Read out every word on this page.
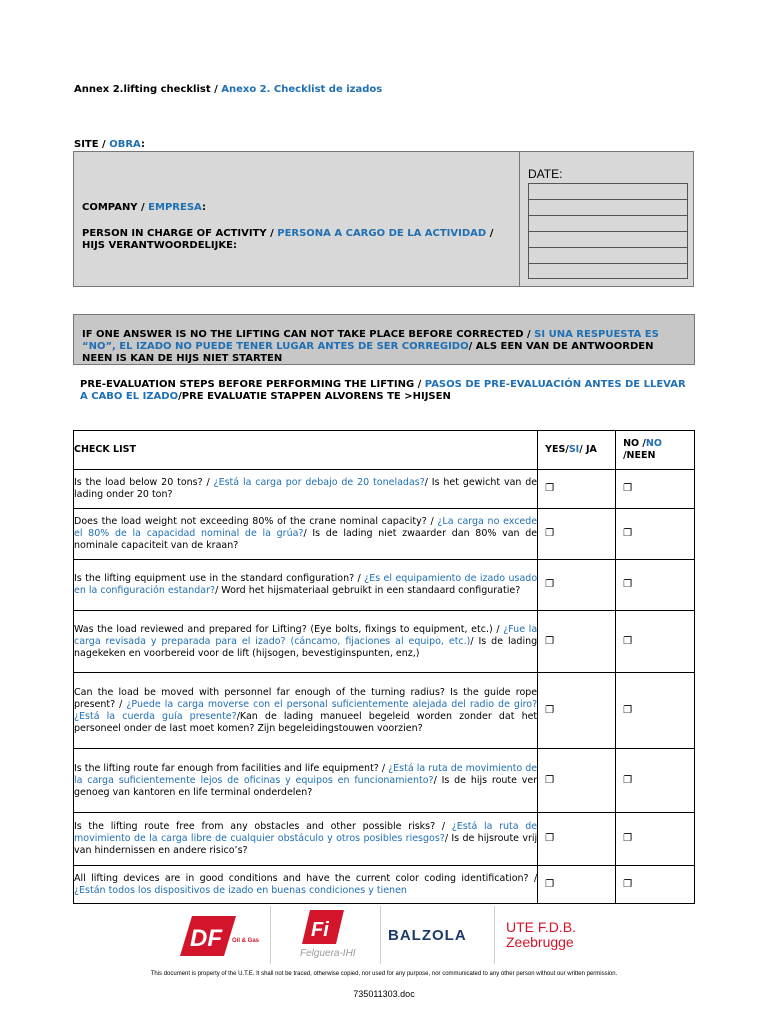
Annex 2.lifting checklist / Anexo 2. Checklist de izados
SITE / OBRA:
COMPANY / EMPRESA:
PERSON IN CHARGE OF ACTIVITY / PERSONA A CARGO DE LA ACTIVIDAD / HIJS VERANTWOORDELIJKE:
DATE:
IF ONE ANSWER IS NO THE LIFTING CAN NOT TAKE PLACE BEFORE CORRECTED / SI UNA RESPUESTA ES “NO”, EL IZADO NO PUEDE TENER LUGAR ANTES DE SER CORREGIDO/ ALS EEN VAN DE ANTWOORDEN NEEN IS KAN DE HIJS NIET STARTEN
PRE-EVALUATION STEPS BEFORE PERFORMING THE LIFTING / PASOS DE PRE-EVALUACIÓN ANTES DE LLEVAR A CABO EL IZADO/PRE EVALUATIE STAPPEN ALVORENS TE >HIJSEN
CHECK LIST	YES/SI/ JA	NO /NO /NEEN
Is the load below 20 tons? / ¿Está la carga por debajo de 20 toneladas?/ Is het gewicht van de lading onder 20 ton?	❐	❐
Does the load weight not exceeding 80% of the crane nominal capacity? / ¿La carga no excede el 80% de la capacidad nominal de la grúa?/ Is de lading niet zwaarder dan 80% van de nominale capaciteit van de kraan?	❐	❐
Is the lifting equipment use in the standard configuration? / ¿Es el equipamiento de izado usado en la configuración estandar?/ Word het hijsmateriaal gebruikt in een standaard configuratie?	❐	❐
Was the load reviewed and prepared for Lifting? (Eye bolts, fixings to equipment, etc.) / ¿Fue la carga revisada y preparada para el izado? (cáncamo, fijaciones al equipo, etc.)/ Is de lading nagekeken en voorbereid voor de lift (hijsogen, bevestiginspunten, enz,)	❐	❐
Can the load be moved with personnel far enough of the turning radius? Is the guide rope present? / ¿Puede la carga moverse con el personal suficientemente alejada del radio de giro? ¿Está la cuerda guía presente?/Kan de lading manueel begeleid worden zonder dat het personeel onder de last moet komen? Zijn begeleidingstouwen voorzien?	❐	❐
Is the lifting route far enough from facilities and life equipment? / ¿Está la ruta de movimiento de la carga suficientemente lejos de oficinas y equipos en funcionamiento?/ Is de hijs route ver genoeg van kantoren en life terminal onderdelen?	❐	❐
Is the lifting route free from any obstacles and other possible risks? / ¿Está la ruta de movimiento de la carga libre de cualquier obstáculo y otros posibles riesgos?/ Is de hijsroute vrij van hindernissen en andere risico’s?	❐	❐
All lifting devices are in good conditions and have the current color coding identification? / ¿Están todos los dispositivos de izado en buenas condiciones y tienen	❐	❐
DF Oil & Gas	Fi
Felguera-IHI
BALZOLA	UTE F.D.B.
Zeebrugge
This document is property of the U.T.E. It shall not be traced, otherwise copied, nor used for any purpose, nor communicated to any other person without our written permission.
735011303.doc
